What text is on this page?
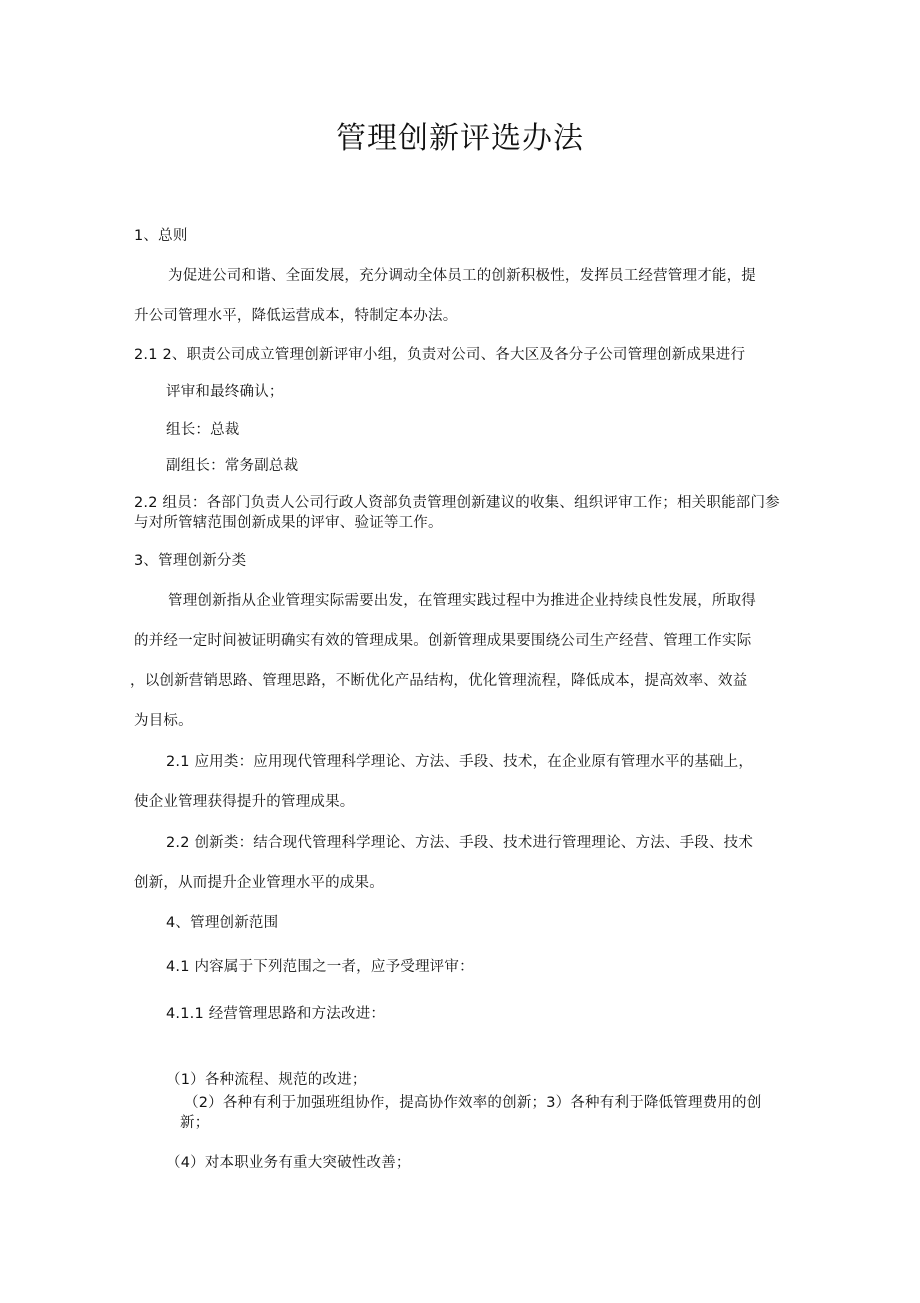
管理创新评选办法
1、总则
为促进公司和谐、全面发展，充分调动全体员工的创新积极性，发挥员工经营管理才能，提
升公司管理水平，降低运营成本，特制定本办法。
2.1 2、职责公司成立管理创新评审小组，负责对公司、各大区及各分子公司管理创新成果进行
评审和最终确认；
组长：总裁
副组长：常务副总裁
2.2 组员：各部门负责人公司行政人资部负责管理创新建议的收集、组织评审工作；相关职能部门参与对所管辖范围创新成果的评审、验证等工作。
3、管理创新分类
管理创新指从企业管理实际需要出发，在管理实践过程中为推进企业持续良性发展，所取得
的并经一定时间被证明确实有效的管理成果。创新管理成果要围绕公司生产经营、管理工作实际
，以创新营销思路、管理思路，不断优化产品结构，优化管理流程，降低成本，提高效率、效益
为目标。
2.1 应用类：应用现代管理科学理论、方法、手段、技术，在企业原有管理水平的基础上，
使企业管理获得提升的管理成果。
2.2 创新类：结合现代管理科学理论、方法、手段、技术进行管理理论、方法、手段、技术
创新，从而提升企业管理水平的成果。
4、管理创新范围
4.1 内容属于下列范围之一者，应予受理评审：
4.1.1 经营管理思路和方法改进：
（1）各种流程、规范的改进；
（2）各种有利于加强班组协作，提高协作效率的创新；3）各种有利于降低管理费用的创新；
（4）对本职业务有重大突破性改善；
